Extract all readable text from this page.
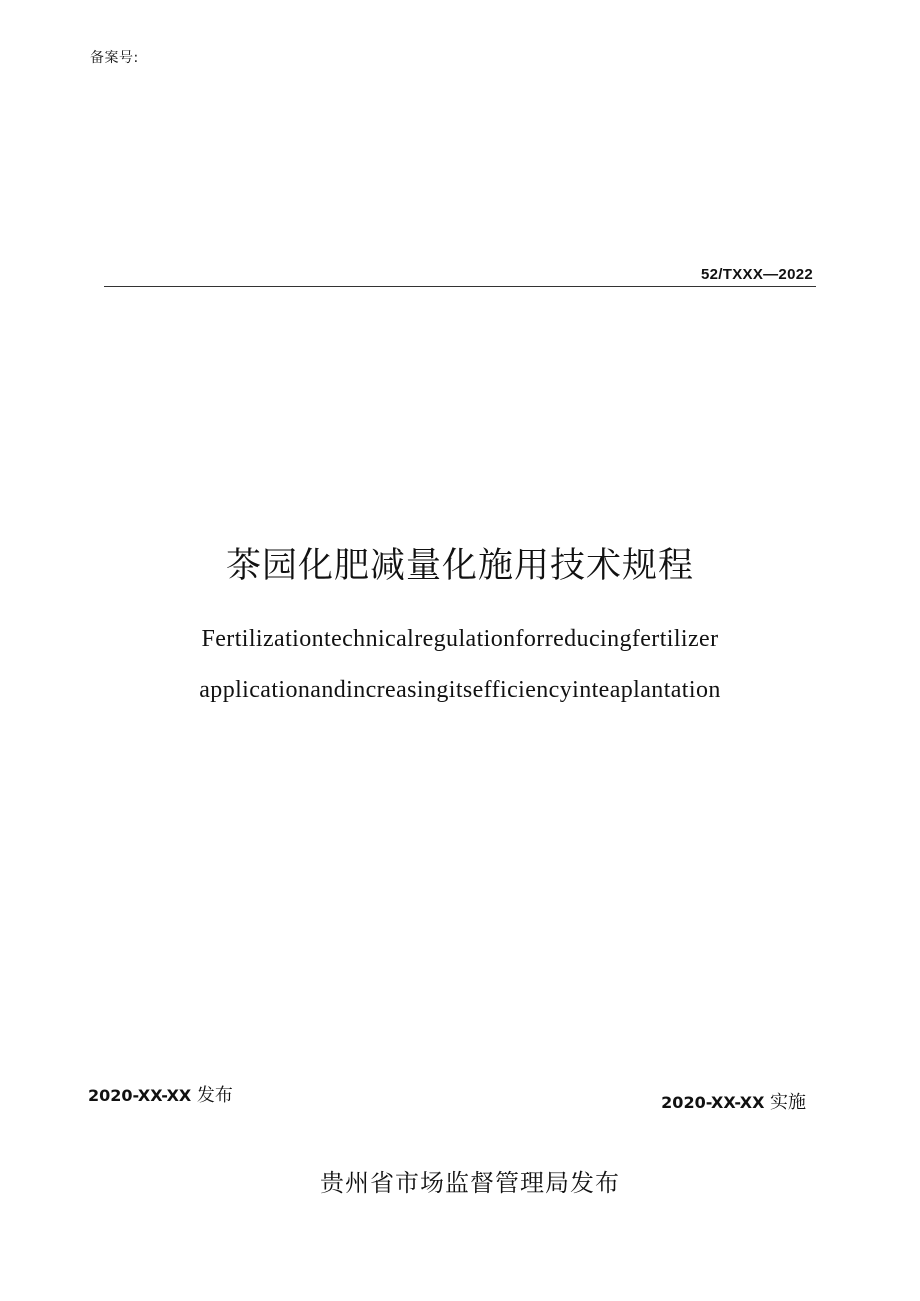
备案号:
52/TXXX—2022
茶园化肥减量化施用技术规程
Fertilizationtechnicalregulationforreducingfertilizer
applicationandincreasingitsefficiencyinteaplantation
2020-XX-XX 发布	2020-XX-XX 实施
贵州省市场监督管理局发布
